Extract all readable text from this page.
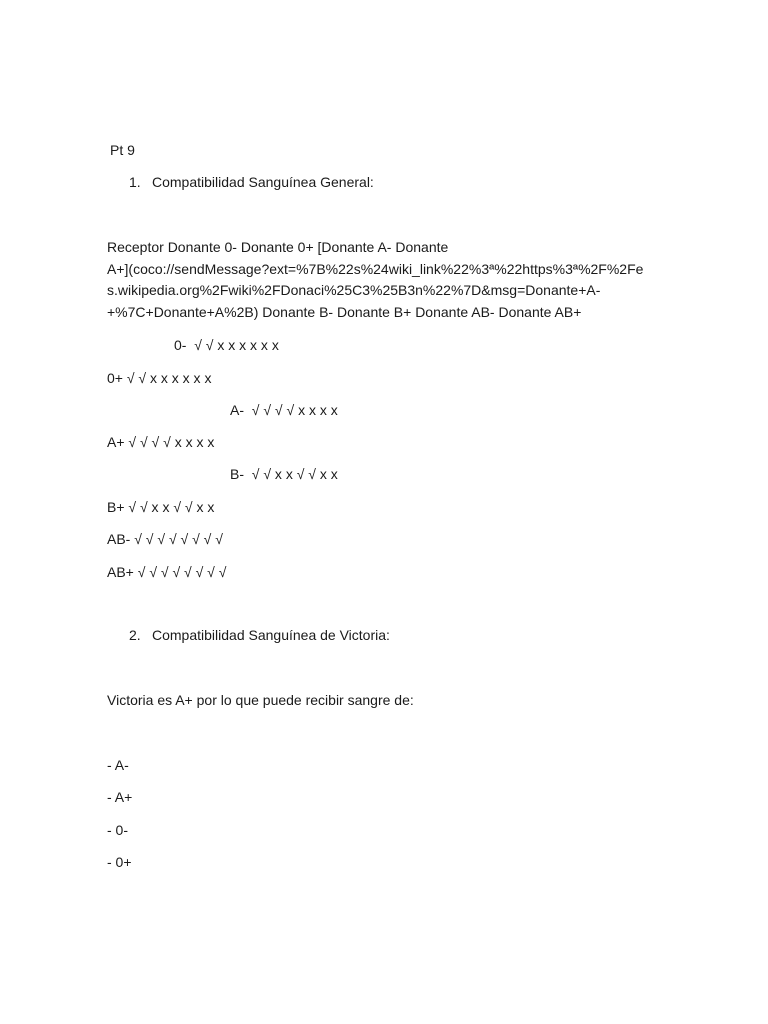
Pt 9
1. Compatibilidad Sanguínea General:
Receptor Donante 0- Donante 0+ [Donante A- Donante
A+](coco://sendMessage?ext=%7B%22s%24wiki_link%22%3ª%22https%3ª%2F%2Fe
s.wikipedia.org%2Fwiki%2FDonaci%25C3%25B3n%22%7D&msg=Donante+A-
+%7C+Donante+A%2B) Donante B- Donante B+ Donante AB- Donante AB+
0-  √ √ x x x x x x
0+ √ √ x x x x x x
A-  √ √ √ √ x x x x
A+ √ √ √ √ x x x x
B-  √ √ x x √ √ x x
B+ √ √ x x √ √ x x
AB- √ √ √ √ √ √ √ √
AB+ √ √ √ √ √ √ √ √
2. Compatibilidad Sanguínea de Victoria:
Victoria es A+ por lo que puede recibir sangre de:
- A-
- A+
- 0-
- 0+
